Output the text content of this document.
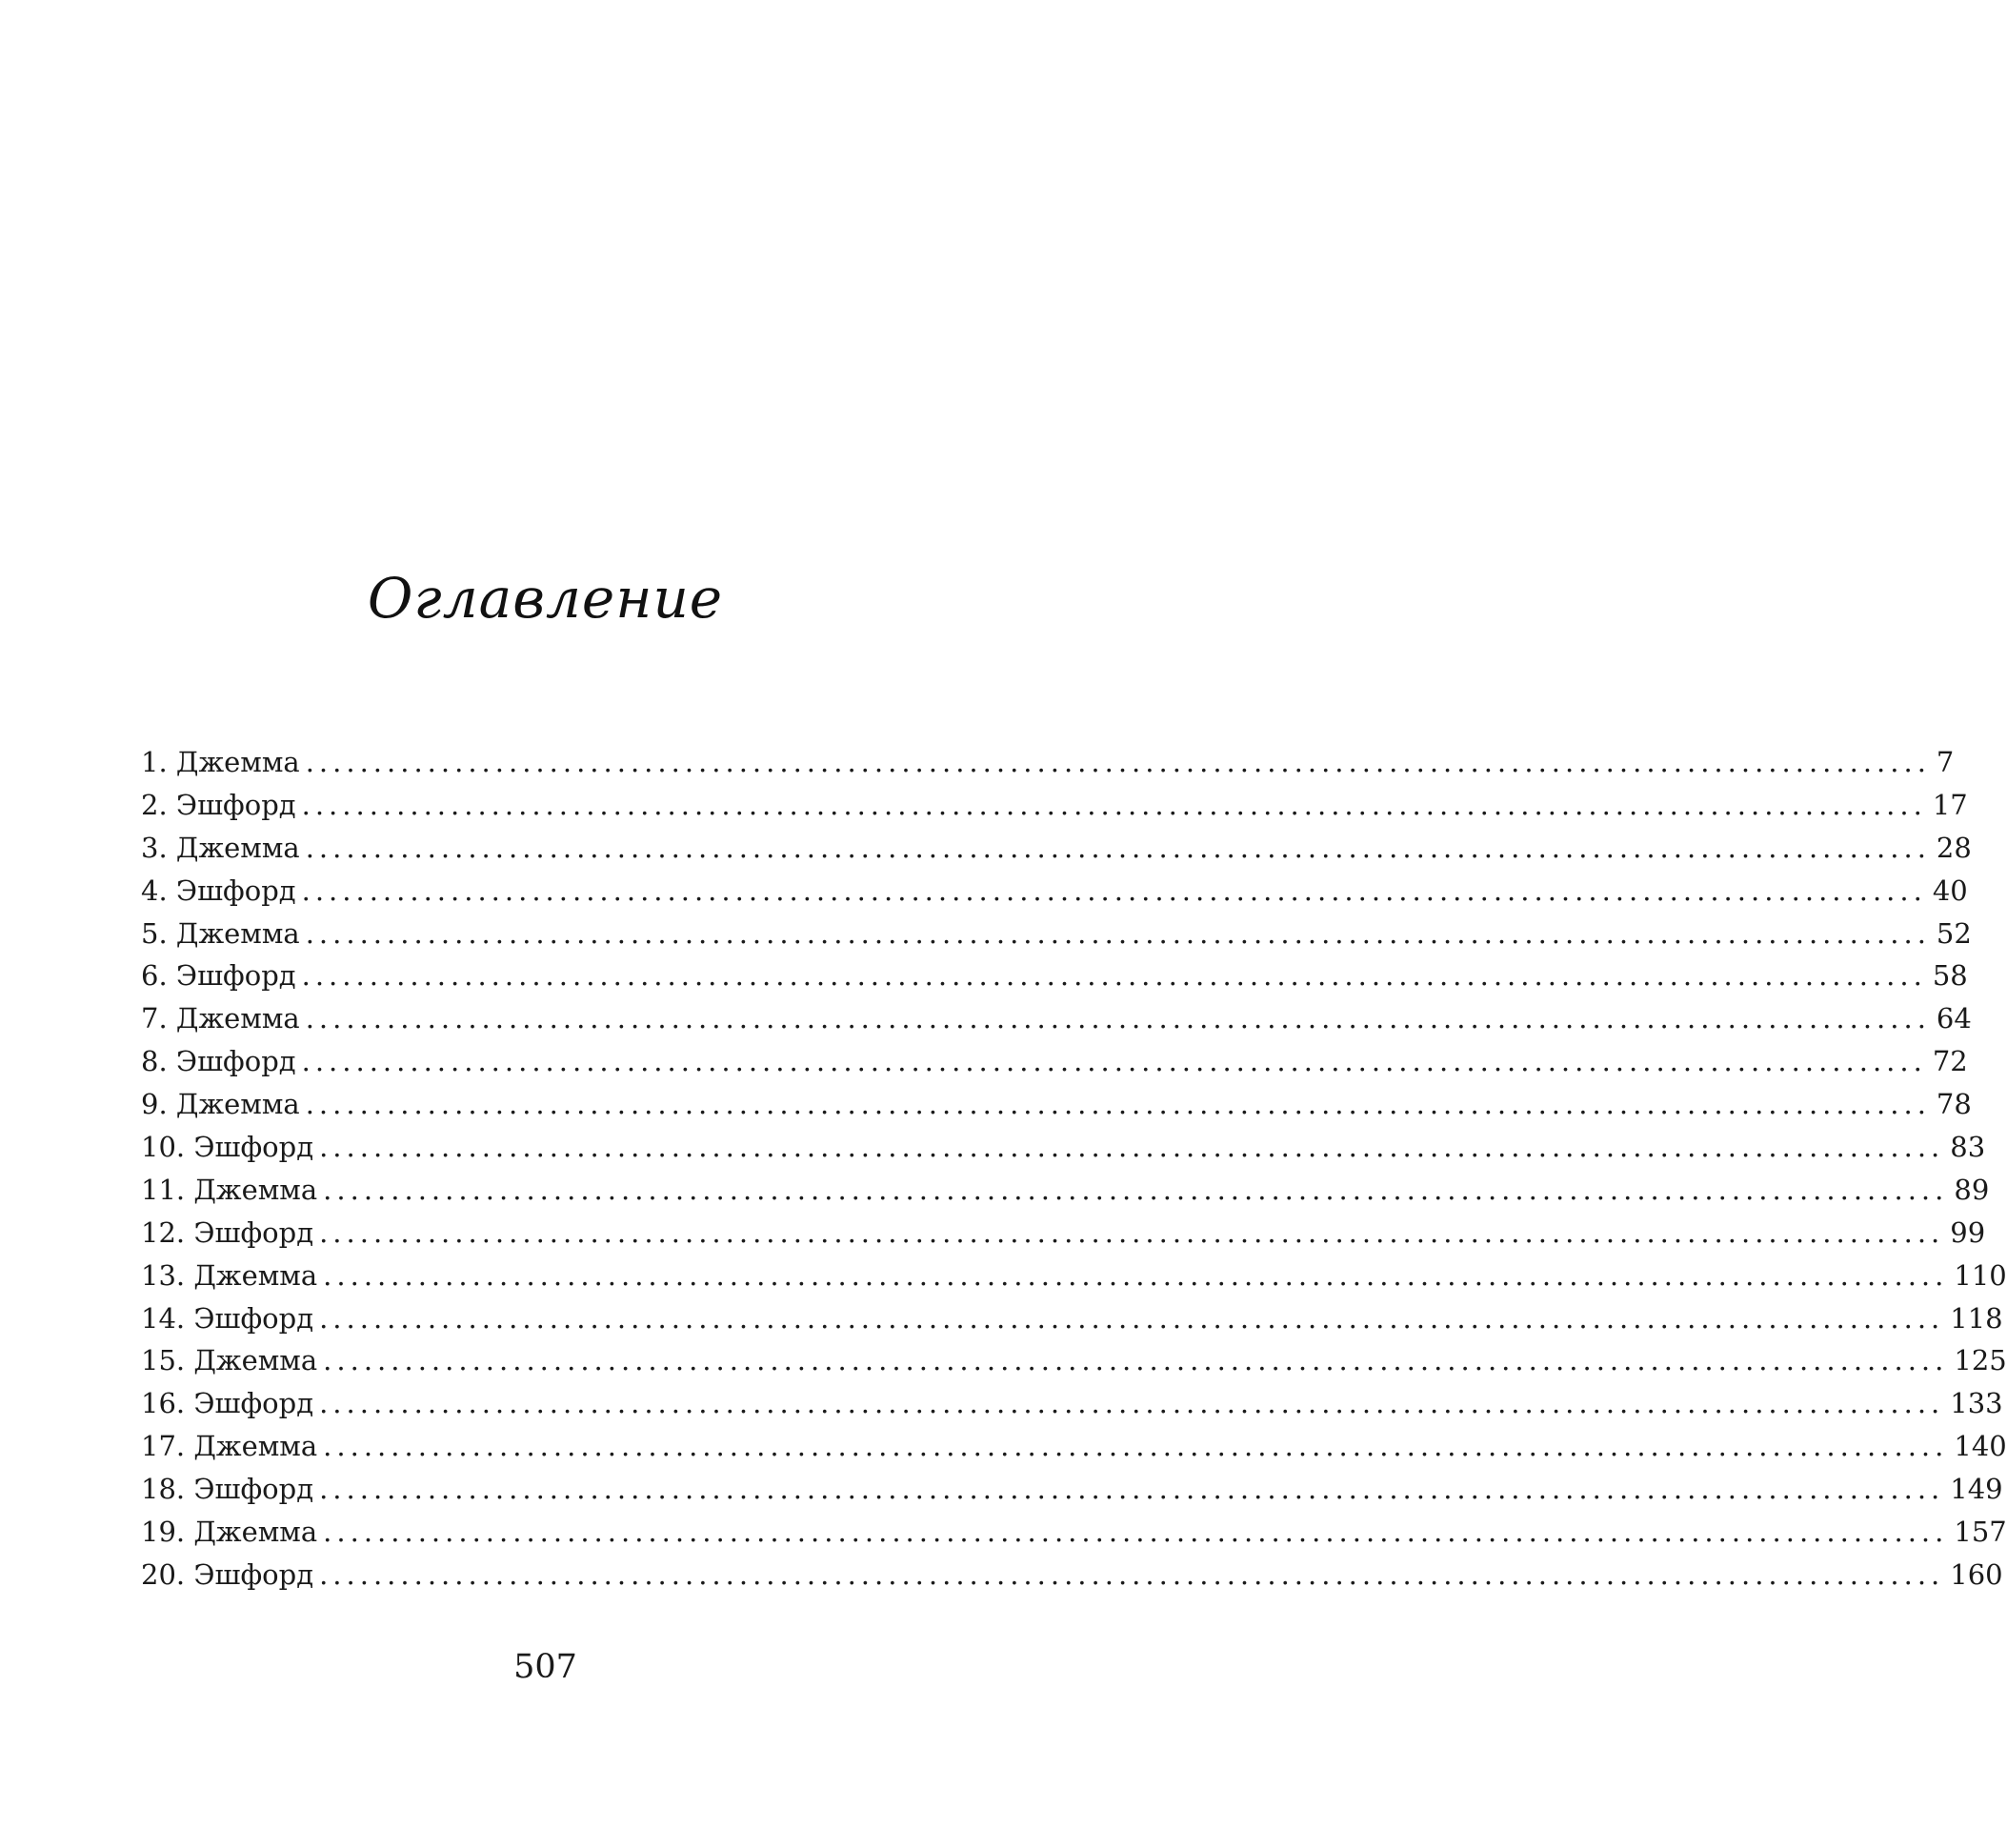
Оглавление
1. Джемма ........................................................................................................................ 7
2. Эшфорд ........................................................................................................................ 17
3. Джемма ........................................................................................................................ 28
4. Эшфорд ........................................................................................................................ 40
5. Джемма ........................................................................................................................ 52
6. Эшфорд ........................................................................................................................ 58
7. Джемма ........................................................................................................................ 64
8. Эшфорд ........................................................................................................................ 72
9. Джемма ........................................................................................................................ 78
10. Эшфорд ........................................................................................................................ 83
11. Джемма ........................................................................................................................ 89
12. Эшфорд ........................................................................................................................ 99
13. Джемма ........................................................................................................................ 110
14. Эшфорд ........................................................................................................................ 118
15. Джемма ........................................................................................................................ 125
16. Эшфорд ........................................................................................................................ 133
17. Джемма ........................................................................................................................ 140
18. Эшфорд ........................................................................................................................ 149
19. Джемма ........................................................................................................................ 157
20. Эшфорд ........................................................................................................................ 160
507
